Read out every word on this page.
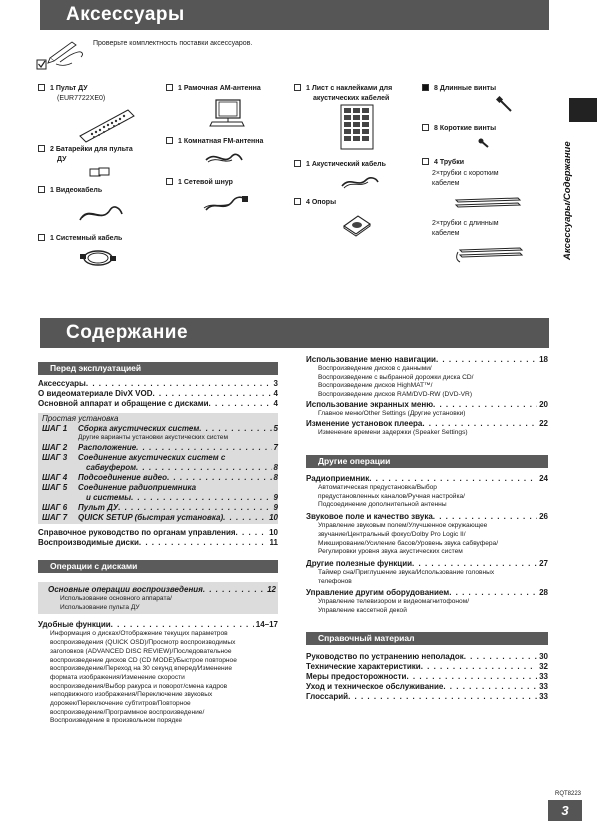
Аксессуары
Аксессуары/Содержание
Проверьте комплектность поставки аксессуаров.
1 Пульт ДУ
(EUR7722XE0)
2 Батарейки для пульта
ДУ
1 Видеокабель
1 Системный кабель
1 Рамочная AM-антенна
1 Комнатная FM-антенна
1 Сетевой шнур
1 Лист с наклейками для
акустических кабелей
1 Акустический кабель
4 Опоры
8 Длинные винты
8 Короткие винты
4 Трубки
2×трубки с коротким
кабелем
2×трубки с длинным
кабелем
Содержание
Перед эксплуатацией
Аксессуары . . .	3
О видеоматериале DivX VOD . . .	4
Основной аппарат и обращение с дисками . . .	4
Простая установка
ШАГ 1	Сборка акустических систем . . .	5
Другие варианты установки акустических систем
ШАГ 2	Расположение . . .	7
ШАГ 3	Соединение акустических систем с
сабвуфером . . .	8
ШАГ 4	Подсоединение видео . . .	8
ШАГ 5	Соединение радиоприемника
и системы . . .	9
ШАГ 6	Пульт ДУ . . .	9
ШАГ 7	QUICK SETUP (быстрая установка) . . .	10
Справочное руководство по органам управления . . .	10
Воспроизводимые диски . . .	11
Операции с дисками
Основные операции воспроизведения . . .	12
Использование основного аппарата/
Использование пульта ДУ
Удобные функции . . .	14–17
Информация о дисках/Отображение текущих параметров
воспроизведения (QUICK OSD)/Просмотр воспроизводимых
заголовков (ADVANCED DISC REVIEW)/Последовательное
воспроизведение дисков CD (CD MODE)/Быстрое повторное
воспроизведение/Переход на 30 секунд вперед/Изменение
формата изображения/Изменение скорости
воспроизведения/Выбор ракурса и поворот/смена кадров
неподвижного изображения/Переключение звуковых
дорожек/Переключение субтитров/Повторное
воспроизведение/Программное воспроизведение/
Воспроизведение в произвольном порядке
Использование меню навигации . . .	18
Воспроизведение дисков с данными/
Воспроизведение с выбранной дорожки диска CD/
Воспроизведение дисков HighMAT™/
Воспроизведение дисков RAM/DVD-RW (DVD-VR)
Использование экранных меню . . .	20
Главное меню/Other Settings (Другие установки)
Изменение установок плеера . . .	22
Изменение времени задержки (Speaker Settings)
Другие операции
Радиоприемник . . .	24
Автоматическая предустановка/Выбор
предустановленных каналов/Ручная настройка/
Подсоединение дополнительной антенны
Звуковое поле и качество звука . . .	26
Управление звуковым полем/Улучшенное окружающее
звучание/Центральный фокус/Dolby Pro Logic II/
Микширование/Усиление басов/Уровень звука сабвуфера/
Регулировки уровня звука акустических систем
Другие полезные функции . . .	27
Таймер сна/Приглушение звука/Использование головных
телефонов
Управление другим оборудованием . . .	28
Управление телевизором и видеомагнитофоном/
Управление кассетной декой
Справочный материал
Руководство по устранению неполадок . . .	30
Технические характеристики . . .	32
Меры предосторожности . . .	33
Уход и техническое обслуживание . . .	33
Глоссарий . . .	33
RQT8223
3
